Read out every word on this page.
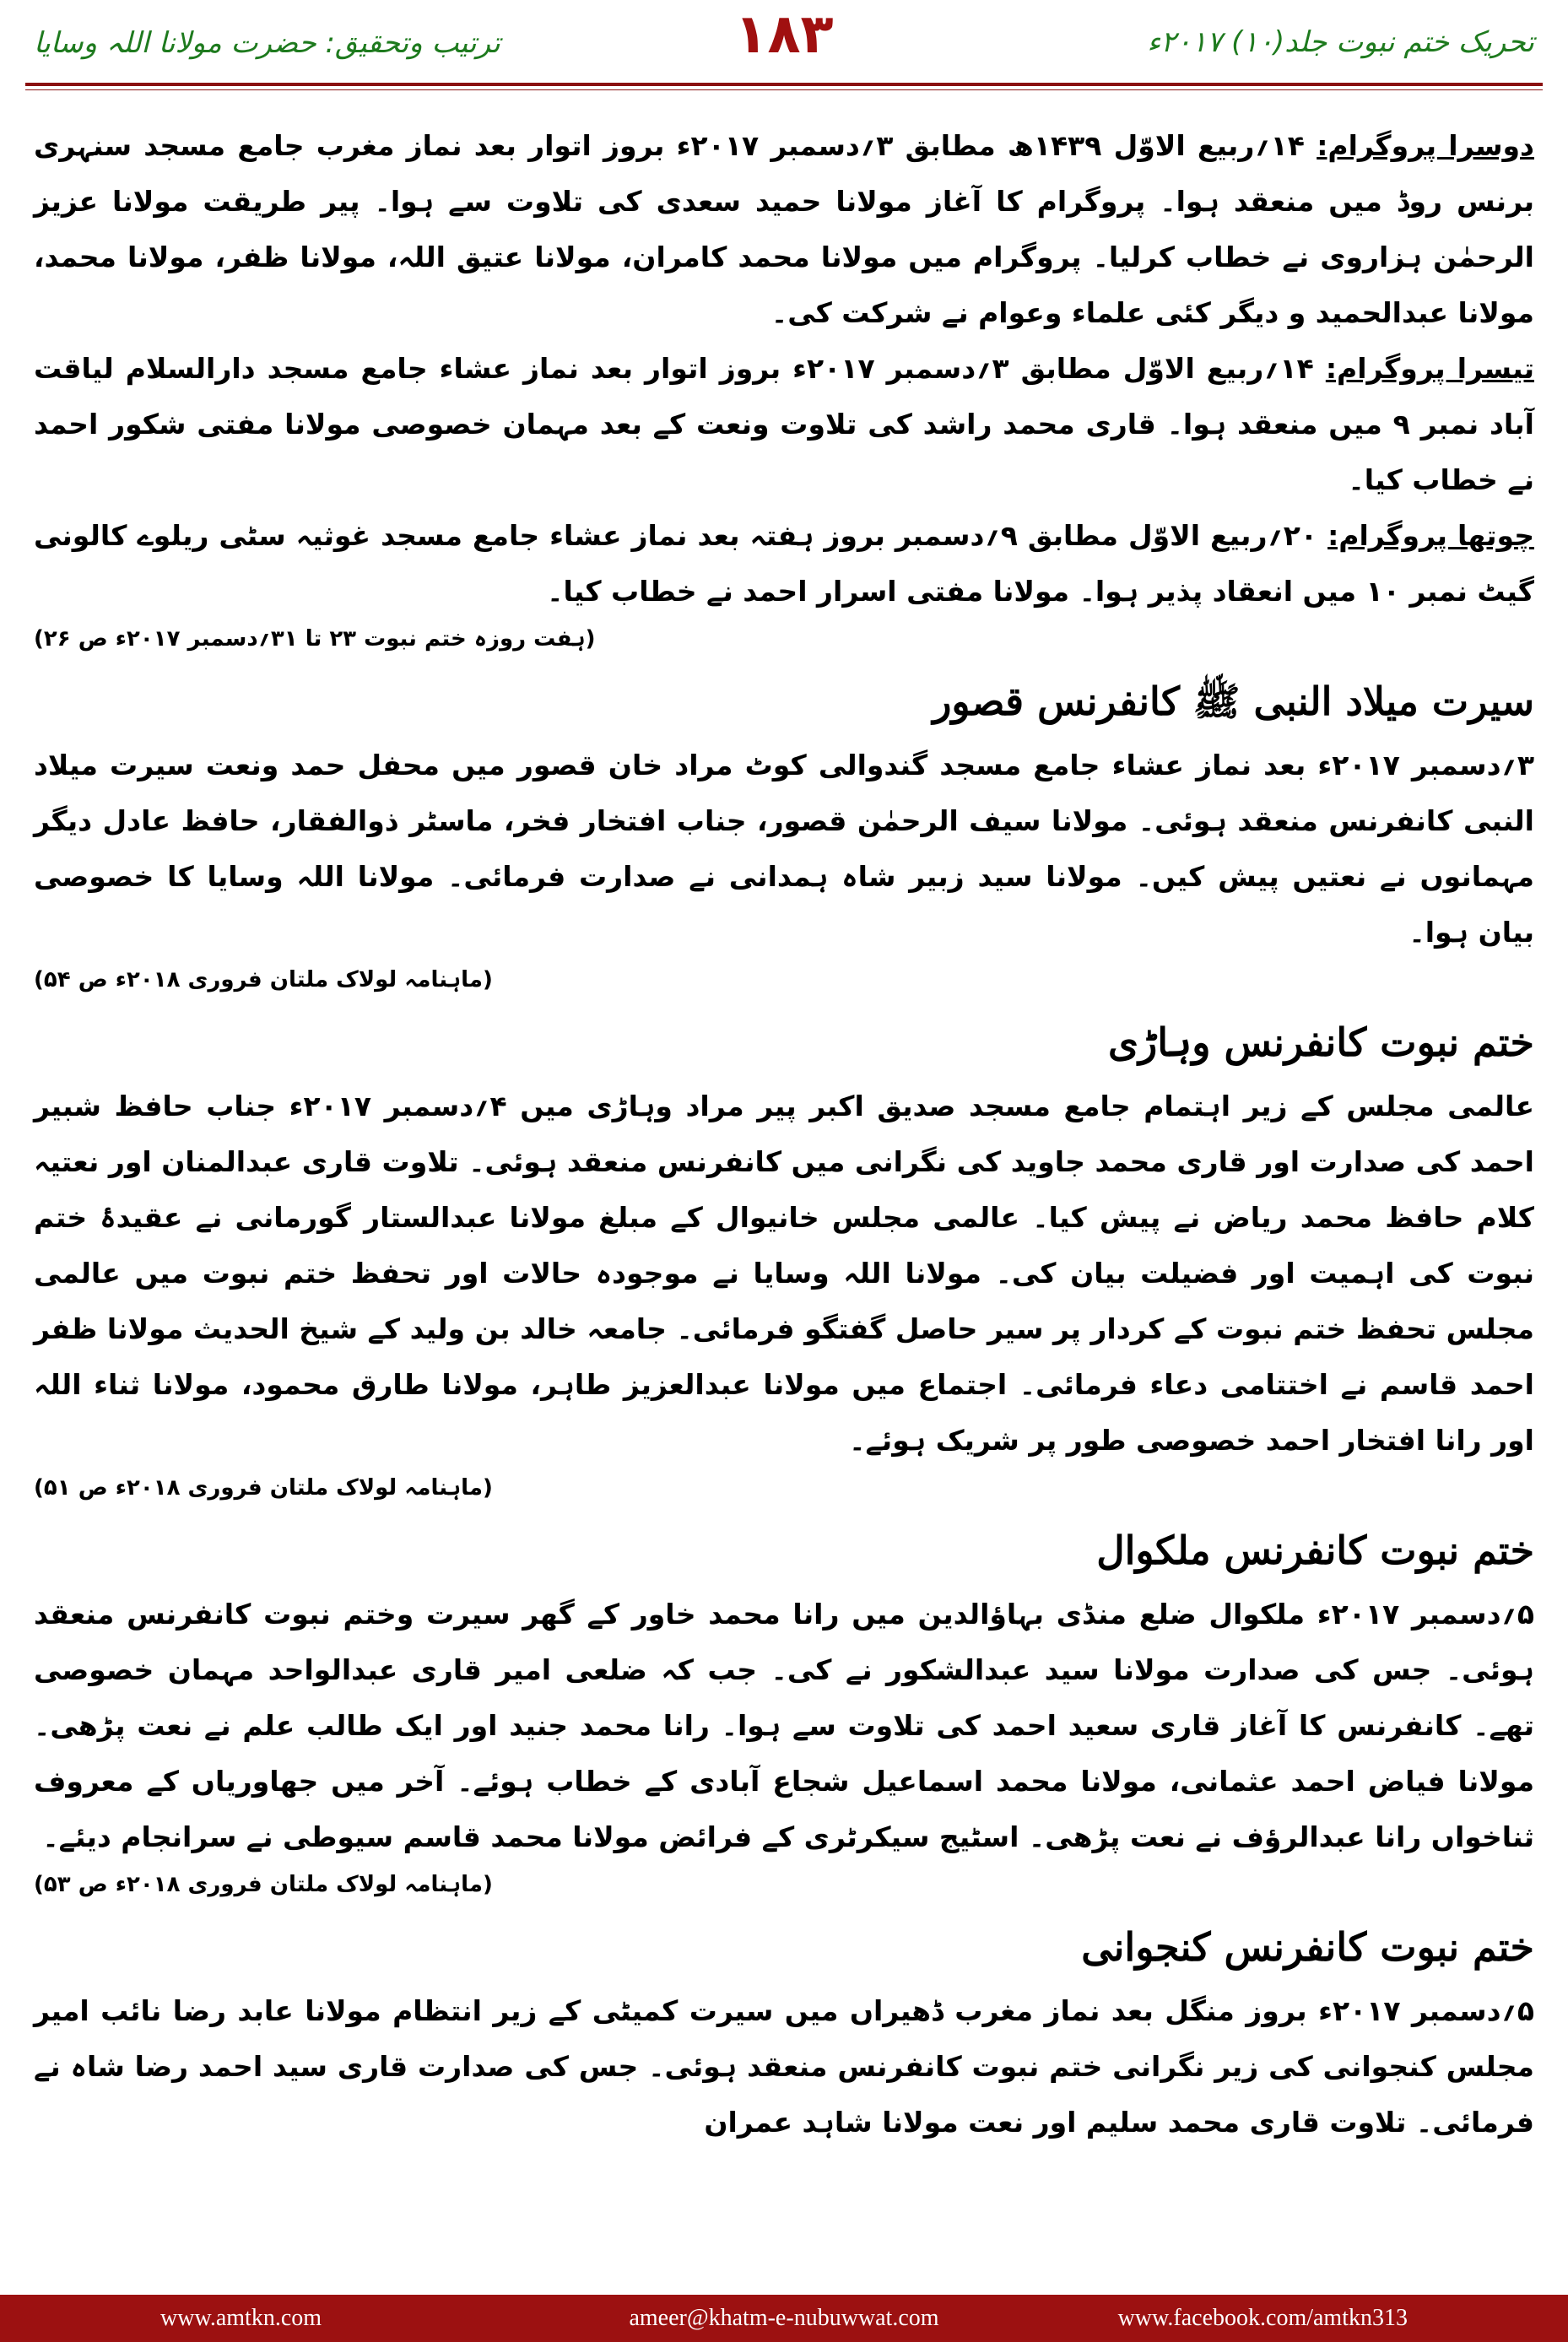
ترتیب وتحقیق: حضرت مولانا اللہ وسایا	۱۸۳	تحریک ختم نبوت جلد(۱۰) ۲۰۱۷ء

دوسرا پروگرام: ۱۴؍ربیع الاوّل ۱۴۳۹ھ مطابق ۳؍دسمبر ۲۰۱۷ء بروز اتوار بعد نماز مغرب جامع مسجد سنہری برنس روڈ میں منعقد ہوا۔ پروگرام کا آغاز مولانا حمید سعدی کی تلاوت سے ہوا۔ پیر طریقت مولانا عزیز الرحمٰن ہزاروی نے خطاب کرلیا۔ پروگرام میں مولانا محمد کامران، مولانا عتیق اللہ، مولانا ظفر، مولانا محمد، مولانا عبدالحمید و دیگر کئی علماء وعوام نے شرکت کی۔

تیسرا پروگرام: ۱۴؍ربیع الاوّل مطابق ۳؍دسمبر ۲۰۱۷ء بروز اتوار بعد نماز عشاء جامع مسجد دارالسلام لیاقت آباد نمبر ۹ میں منعقد ہوا۔ قاری محمد راشد کی تلاوت ونعت کے بعد مہمان خصوصی مولانا مفتی شکور احمد نے خطاب کیا۔

چوتھا پروگرام: ۲۰؍ربیع الاوّل مطابق ۹؍دسمبر بروز ہفتہ بعد نماز عشاء جامع مسجد غوثیہ سٹی ریلوے کالونی گیٹ نمبر ۱۰ میں انعقاد پذیر ہوا۔ مولانا مفتی اسرار احمد نے خطاب کیا۔

(ہفت روزہ ختم نبوت ۲۳ تا ۳۱؍دسمبر ۲۰۱۷ء ص ۲۶)

سیرت میلاد النبی ﷺ کانفرنس قصور

۳؍دسمبر ۲۰۱۷ء بعد نماز عشاء جامع مسجد گندوالی کوٹ مراد خان قصور میں محفل حمد ونعت سیرت میلاد النبی کانفرنس منعقد ہوئی۔ مولانا سیف الرحمٰن قصور، جناب افتخار فخر، ماسٹر ذوالفقار، حافظ عادل دیگر مہمانوں نے نعتیں پیش کیں۔ مولانا سید زبیر شاہ ہمدانی نے صدارت فرمائی۔ مولانا اللہ وسایا کا خصوصی بیان ہوا۔

(ماہنامہ لولاک ملتان فروری ۲۰۱۸ء ص ۵۴)

ختم نبوت کانفرنس وہاڑی

عالمی مجلس کے زیر اہتمام جامع مسجد صدیق اکبر پیر مراد وہاڑی میں ۴؍دسمبر ۲۰۱۷ء جناب حافظ شبیر احمد کی صدارت اور قاری محمد جاوید کی نگرانی میں کانفرنس منعقد ہوئی۔ تلاوت قاری عبدالمنان اور نعتیہ کلام حافظ محمد ریاض نے پیش کیا۔ عالمی مجلس خانیوال کے مبلغ مولانا عبدالستار گورمانی نے عقیدۂ ختم نبوت کی اہمیت اور فضیلت بیان کی۔ مولانا اللہ وسایا نے موجودہ حالات اور تحفظ ختم نبوت میں عالمی مجلس تحفظ ختم نبوت کے کردار پر سیر حاصل گفتگو فرمائی۔ جامعہ خالد بن ولید کے شیخ الحدیث مولانا ظفر احمد قاسم نے اختتامی دعاء فرمائی۔ اجتماع میں مولانا عبدالعزیز طاہر، مولانا طارق محمود، مولانا ثناء اللہ اور رانا افتخار احمد خصوصی طور پر شریک ہوئے۔

(ماہنامہ لولاک ملتان فروری ۲۰۱۸ء ص ۵۱)

ختم نبوت کانفرنس ملکوال

۵؍دسمبر ۲۰۱۷ء ملکوال ضلع منڈی بہاؤالدین میں رانا محمد خاور کے گھر سیرت وختم نبوت کانفرنس منعقد ہوئی۔ جس کی صدارت مولانا سید عبدالشکور نے کی۔ جب کہ ضلعی امیر قاری عبدالواحد مہمان خصوصی تھے۔ کانفرنس کا آغاز قاری سعید احمد کی تلاوت سے ہوا۔ رانا محمد جنید اور ایک طالب علم نے نعت پڑھی۔ مولانا فیاض احمد عثمانی، مولانا محمد اسماعیل شجاع آبادی کے خطاب ہوئے۔ آخر میں جھاوریاں کے معروف ثناخواں رانا عبدالرؤف نے نعت پڑھی۔ اسٹیج سیکرٹری کے فرائض مولانا محمد قاسم سیوطی نے سرانجام دیئے۔

(ماہنامہ لولاک ملتان فروری ۲۰۱۸ء ص ۵۳)

ختم نبوت کانفرنس کنجوانی

۵؍دسمبر ۲۰۱۷ء بروز منگل بعد نماز مغرب ڈھیراں میں سیرت کمیٹی کے زیر انتظام مولانا عابد رضا نائب امیر مجلس کنجوانی کی زیر نگرانی ختم نبوت کانفرنس منعقد ہوئی۔ جس کی صدارت قاری سید احمد رضا شاہ نے فرمائی۔ تلاوت قاری محمد سلیم اور نعت مولانا شاہد عمران

ameer@khatm-e-nubuwwat.com
www.amtkn.com	www.facebook.com/amtkn313
